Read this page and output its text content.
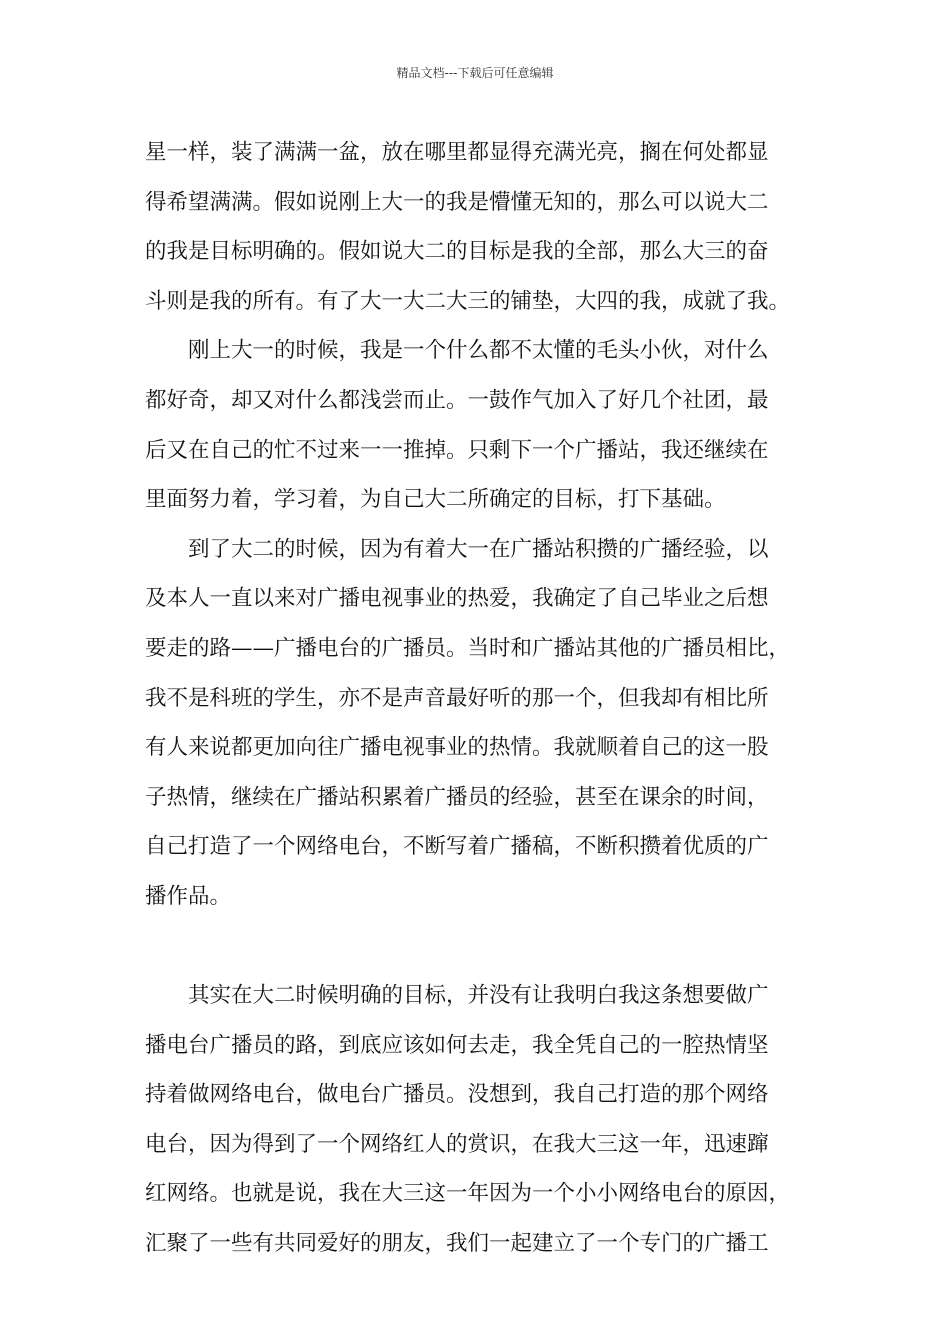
精品文档---下载后可任意编辑
星一样，装了满满一盆，放在哪里都显得充满光亮，搁在何处都显
得希望满满。假如说刚上大一的我是懵懂无知的，那么可以说大二
的我是目标明确的。假如说大二的目标是我的全部，那么大三的奋
斗则是我的所有。有了大一大二大三的铺垫，大四的我，成就了我。
　　刚上大一的时候，我是一个什么都不太懂的毛头小伙，对什么
都好奇，却又对什么都浅尝而止。一鼓作气加入了好几个社团，最
后又在自己的忙不过来一一推掉。只剩下一个广播站，我还继续在
里面努力着，学习着，为自己大二所确定的目标，打下基础。
　　到了大二的时候，因为有着大一在广播站积攒的广播经验，以
及本人一直以来对广播电视事业的热爱，我确定了自己毕业之后想
要走的路——广播电台的广播员。当时和广播站其他的广播员相比，
我不是科班的学生，亦不是声音最好听的那一个，但我却有相比所
有人来说都更加向往广播电视事业的热情。我就顺着自己的这一股
子热情，继续在广播站积累着广播员的经验，甚至在课余的时间，
自己打造了一个网络电台，不断写着广播稿，不断积攒着优质的广
播作品。
　　其实在大二时候明确的目标，并没有让我明白我这条想要做广
播电台广播员的路，到底应该如何去走，我全凭自己的一腔热情坚
持着做网络电台，做电台广播员。没想到，我自己打造的那个网络
电台，因为得到了一个网络红人的赏识，在我大三这一年，迅速蹿
红网络。也就是说，我在大三这一年因为一个小小网络电台的原因，
汇聚了一些有共同爱好的朋友，我们一起建立了一个专门的广播工
